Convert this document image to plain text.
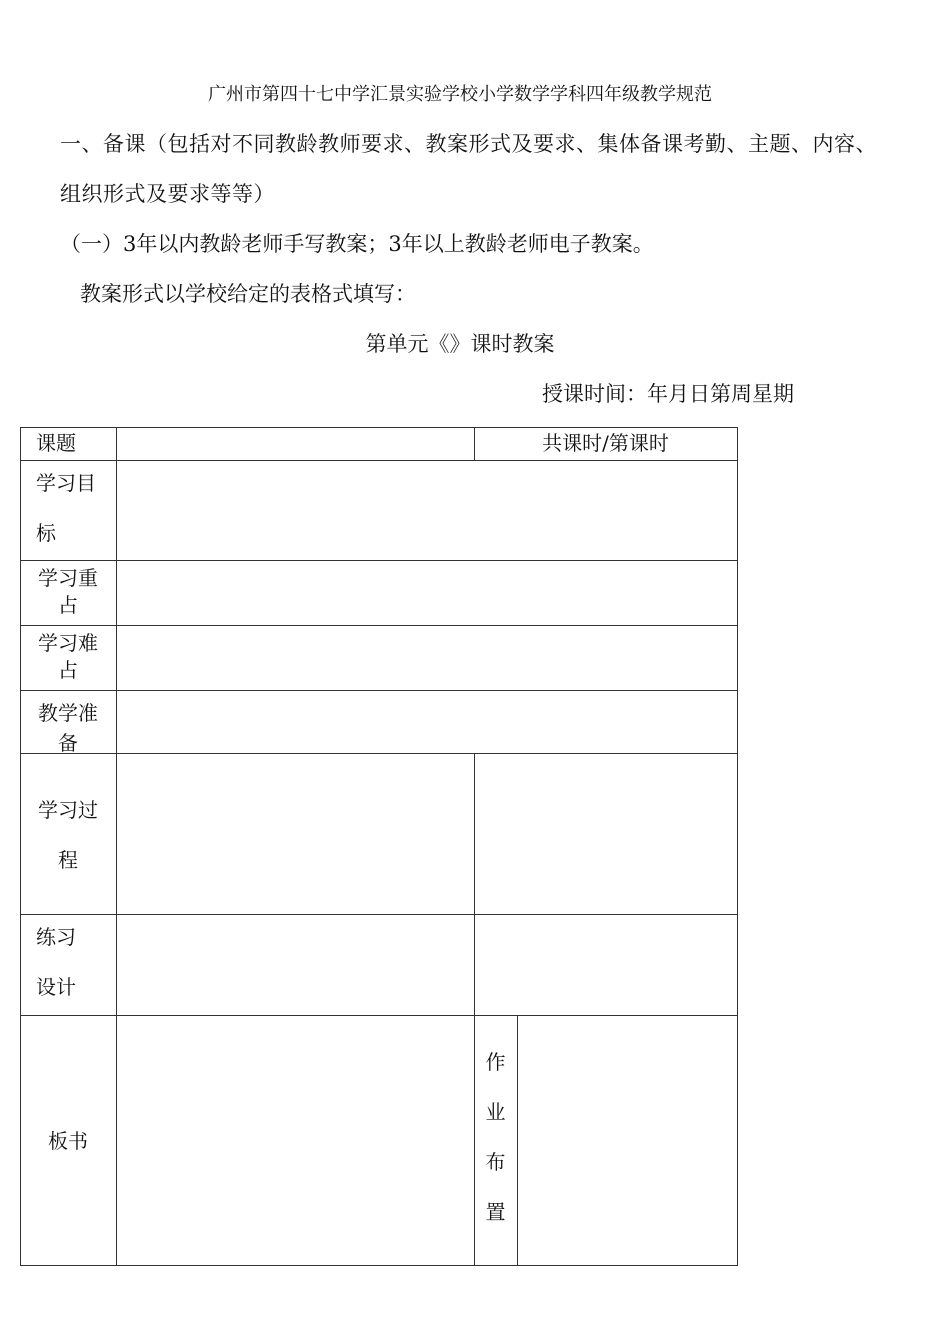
广州市第四十七中学汇景实验学校小学数学学科四年级教学规范
一、备课（包括对不同教龄教师要求、教案形式及要求、集体备课考勤、主题、内容、
组织形式及要求等等）
（一）3年以内教龄老师手写教案；3年以上教龄老师电子教案。
教案形式以学校给定的表格式填写：
第单元《》课时教案
授课时间：年月日第周星期
课题	共课时/第课时
学习目
标
学习重
占
学习难
占
教学准
备
学习过
程
练习
设计
板书
作
业
布
置
